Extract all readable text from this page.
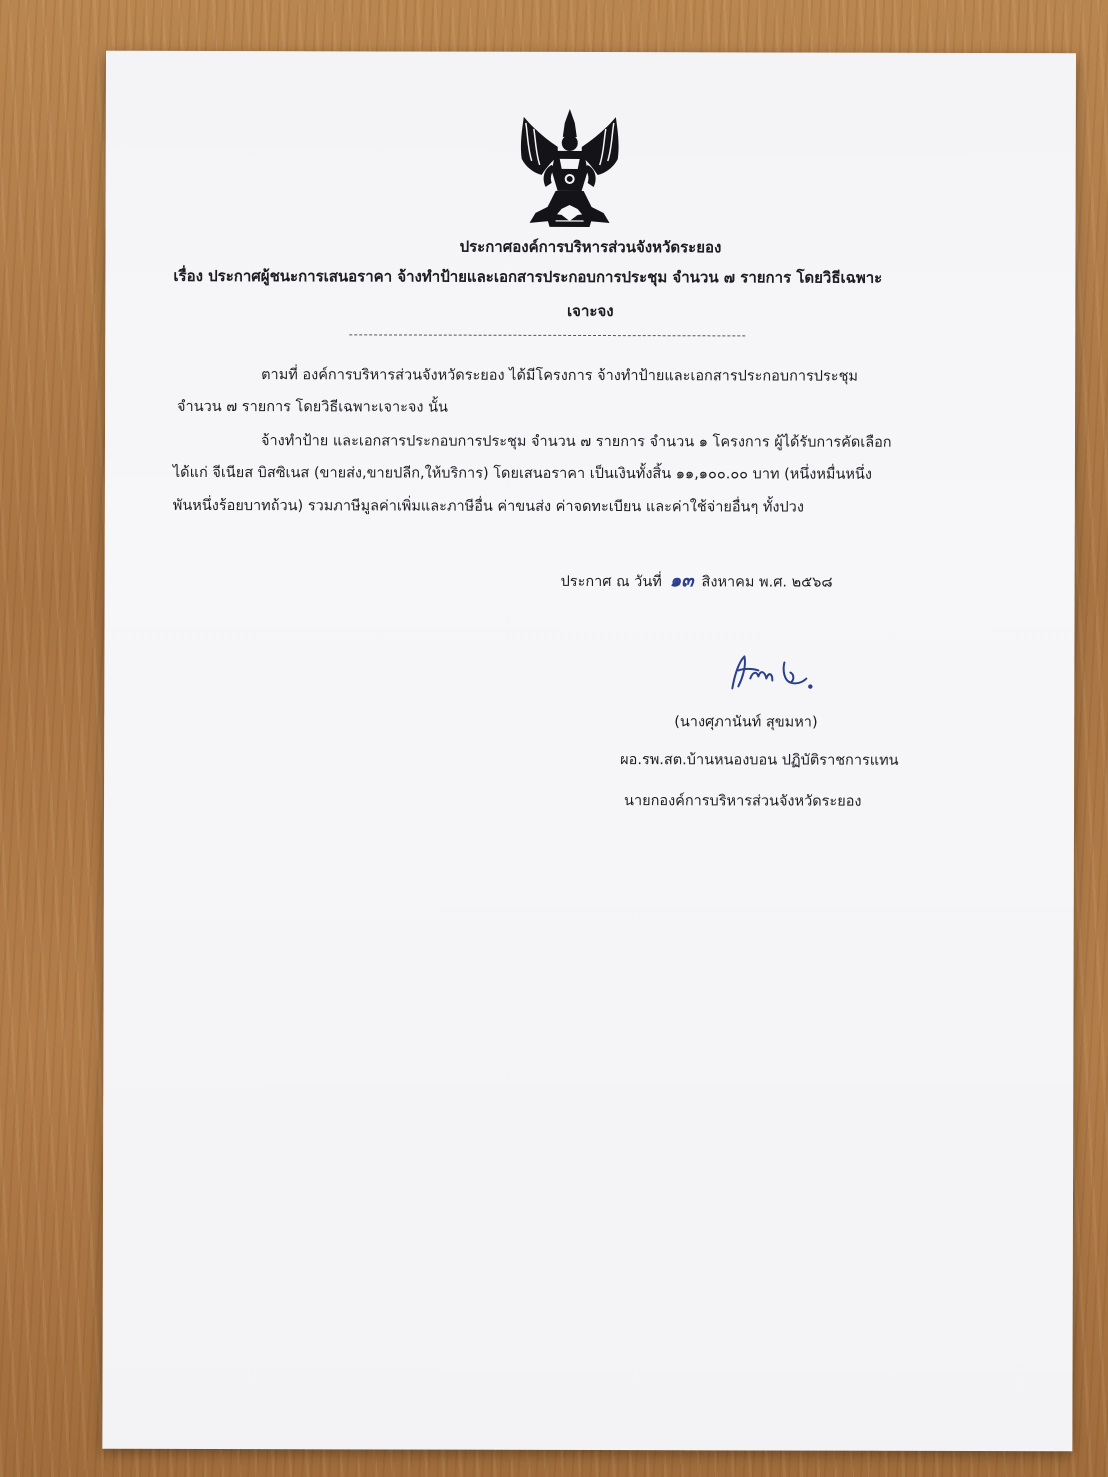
ประกาศองค์การบริหารส่วนจังหวัดระยอง
เรื่อง ประกาศผู้ชนะการเสนอราคา จ้างทำป้ายและเอกสารประกอบการประชุม จำนวน ๗ รายการ โดยวิธีเฉพาะ
เจาะจง
ตามที่ องค์การบริหารส่วนจังหวัดระยอง ได้มีโครงการ จ้างทำป้ายและเอกสารประกอบการประชุม
จำนวน ๗ รายการ โดยวิธีเฉพาะเจาะจง นั้น
จ้างทำป้าย และเอกสารประกอบการประชุม จำนวน ๗ รายการ จำนวน ๑ โครงการ ผู้ได้รับการคัดเลือก
ได้แก่ จีเนียส บิสซิเนส (ขายส่ง,ขายปลีก,ให้บริการ) โดยเสนอราคา เป็นเงินทั้งสิ้น ๑๑,๑๐๐.๐๐ บาท (หนึ่งหมื่นหนึ่ง
พันหนึ่งร้อยบาทถ้วน) รวมภาษีมูลค่าเพิ่มและภาษีอื่น ค่าขนส่ง ค่าจดทะเบียน และค่าใช้จ่ายอื่นๆ ทั้งปวง
ประกาศ ณ วันที่ ๑๓ สิงหาคม พ.ศ. ๒๕๖๘
(นางศุภานันท์ สุขมหา)
ผอ.รพ.สต.บ้านหนองบอน ปฏิบัติราชการแทน
นายกองค์การบริหารส่วนจังหวัดระยอง
